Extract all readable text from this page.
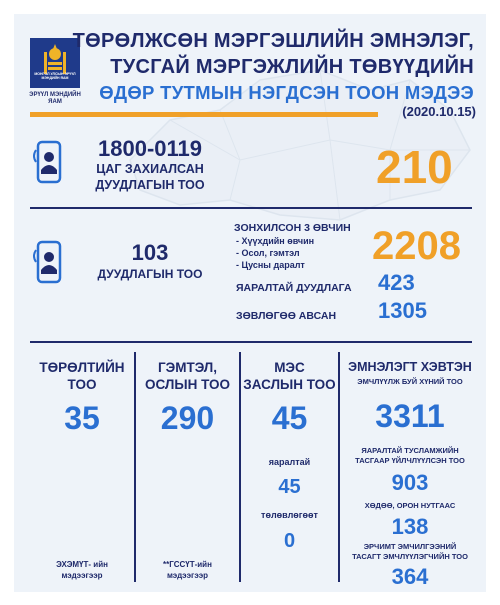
МОНГОЛ УЛСЫН ЭРҮҮЛ МЭНДИЙН ЯАМ
ЭРҮҮЛ МЭНДИЙН ЯАМ
ТӨРӨЛЖСӨН МЭРГЭШЛИЙН ЭМНЭЛЭГ,
ТУСГАЙ МЭРГЭЖЛИЙН ТӨВҮҮДИЙН
ӨДӨР ТУТМЫН НЭГДСЭН ТООН МЭДЭЭ
(2020.10.15)
1800-0119
ЦАГ ЗАХИАЛСАН
ДУУДЛАГЫН ТОО	210
103
ДУУДЛАГЫН ТОО
ЗОНХИЛСОН 3 ӨВЧИН
- Хүүхдийн өвчин
- Осол, гэмтэл
- Цусны даралт 2208
ЯАРАЛТАЙ ДУУДЛАГА 423
ЗӨВЛӨГӨӨ АВСАН 1305
ТӨРӨЛТИЙН
ТОО
35
ЭХЭМҮТ- ийн
мэдээгээр
ГЭМТЭЛ,
ОСЛЫН ТОО
290
**ГССҮТ-ийн
мэдээгээр
МЭС
ЗАСЛЫН ТОО
45
яаралтай
45
төлөвлөгөөт
0
ЭМНЭЛЭГТ ХЭВТЭН
ЭМЧЛҮҮЛЖ БУЙ ХҮНИЙ ТОО
3311
ЯАРАЛТАЙ ТУСЛАМЖИЙН
ТАСГААР ҮЙЛЧЛҮҮЛСЭН ТОО
903
ХӨДӨӨ, ОРОН НУТГААС
138
ЭРЧИМТ ЭМЧИЛГЭЭНИЙ
ТАСАГТ ЭМЧЛҮҮЛЭГЧИЙН ТОО
364
